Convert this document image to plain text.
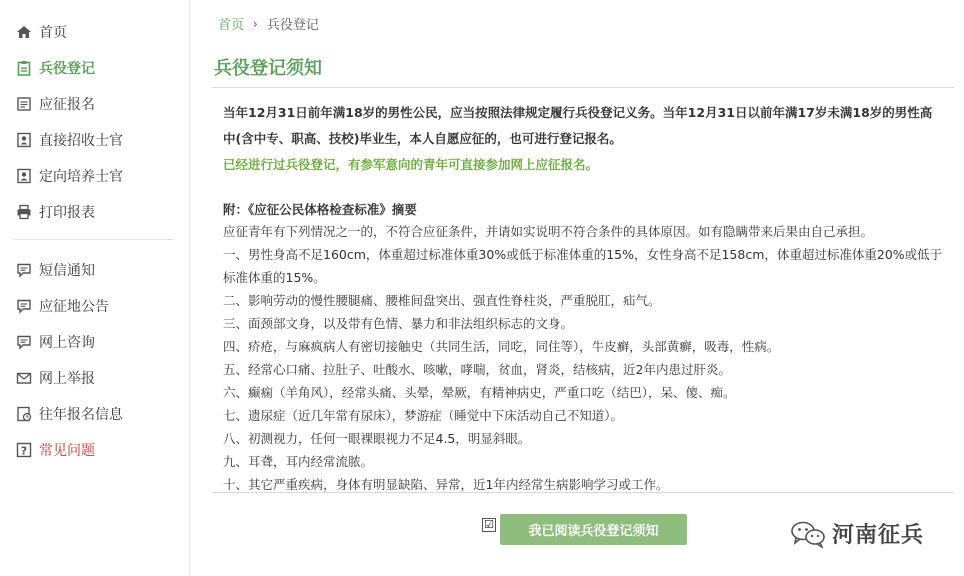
首页
兵役登记
应征报名
直接招收士官
定向培养士官
打印报表
短信通知
应征地公告
网上咨询
网上举报
往年报名信息
? 常见问题
首页 › 兵役登记
兵役登记须知
当年12月31日前年满18岁的男性公民，应当按照法律规定履行兵役登记义务。当年12月31日以前年满17岁未满18岁的男性高中(含中专、职高、技校)毕业生，本人自愿应征的，也可进行登记报名。
已经进行过兵役登记，有参军意向的青年可直接参加网上应征报名。
附：《应征公民体格检查标准》摘要
应征青年有下列情况之一的，不符合应征条件，并请如实说明不符合条件的具体原因。如有隐瞒带来后果由自己承担。
一、男性身高不足160cm，体重超过标准体重30%或低于标准体重的15%，女性身高不足158cm，体重超过标准体重20%或低于标准体重的15%。
二、影响劳动的慢性腰腿痛、腰椎间盘突出、强直性脊柱炎，严重脱肛，疝气。
三、面颈部文身，以及带有色情、暴力和非法组织标志的文身。
四、疥疮，与麻疯病人有密切接触史（共同生活，同吃，同住等），牛皮癣，头部黄癣，吸毒，性病。
五、经常心口痛、拉肚子、吐酸水、咳嗽，哮喘，贫血，肾炎，结核病，近2年内患过肝炎。
六、癫痫（羊角风），经常头痛、头晕，晕厥，有精神病史，严重口吃（结巴），呆、傻、痴。
七、遗尿症（近几年常有尿床），梦游症（睡觉中下床活动自己不知道）。
八、初测视力，任何一眼裸眼视力不足4.5，明显斜眼。
九、耳聋，耳内经常流脓。
十、其它严重疾病，身体有明显缺陷、异常，近1年内经常生病影响学习或工作。
☑	我已阅读兵役登记须知	河南征兵
